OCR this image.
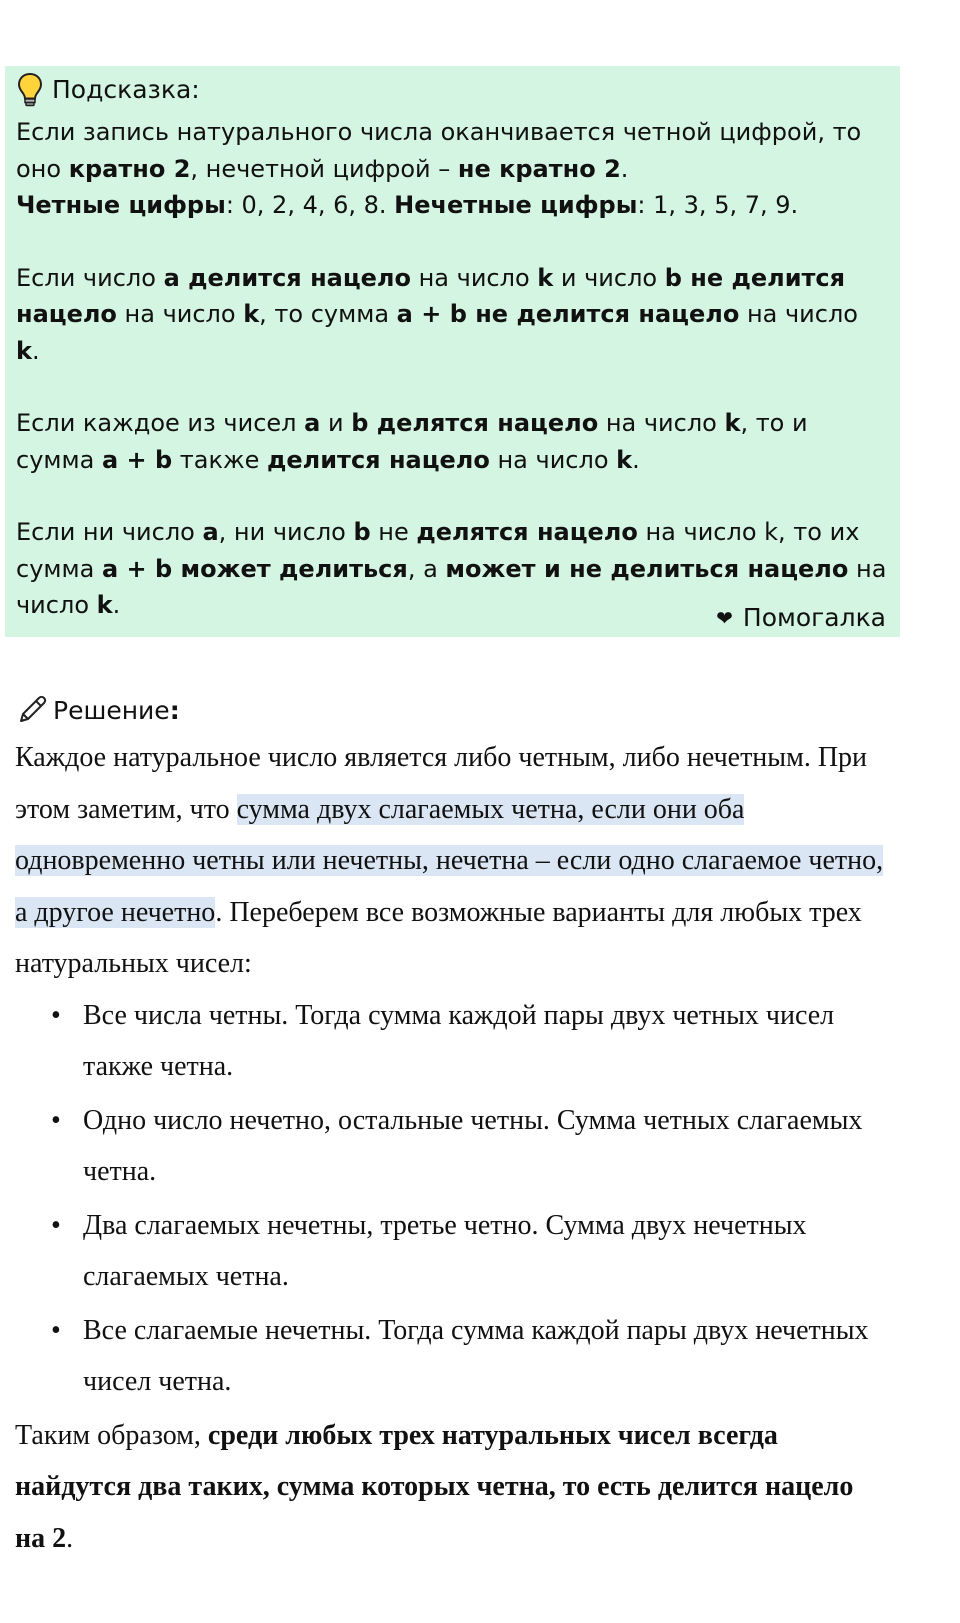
Подсказка:

Если запись натурального числа оканчивается четной цифрой, то оно кратно 2, нечетной цифрой – не кратно 2.

Четные цифры: 0, 2, 4, 6, 8. Нечетные цифры: 1, 3, 5, 7, 9.

Если число a делится нацело на число k и число b не делится нацело на число k, то сумма a + b не делится нацело на число k.

Если каждое из чисел a и b делятся нацело на число k, то и сумма a + b также делится нацело на число k.

Если ни число a, ни число b не делятся нацело на число k, то их сумма a + b может делиться, а может и не делиться нацело на число k.	❤ Помогалка
Решение :

Каждое натуральное число является либо четным, либо нечетным. При этом заметим, что сумма двух слагаемых четна, если они оба одновременно четны или нечетны, нечетна – если одно слагаемое четно, а другое нечетно. Переберем все возможные варианты для любых трех натуральных чисел:

• Все числа четны. Тогда сумма каждой пары двух четных чисел также четна.
• Одно число нечетно, остальные четны. Сумма четных слагаемых четна.
• Два слагаемых нечетны, третье четно. Сумма двух нечетных слагаемых четна.
• Все слагаемые нечетны. Тогда сумма каждой пары двух нечетных чисел четна.

Таким образом, среди любых трех натуральных чисел всегда найдутся два таких, сумма которых четна, то есть делится нацело на 2.
